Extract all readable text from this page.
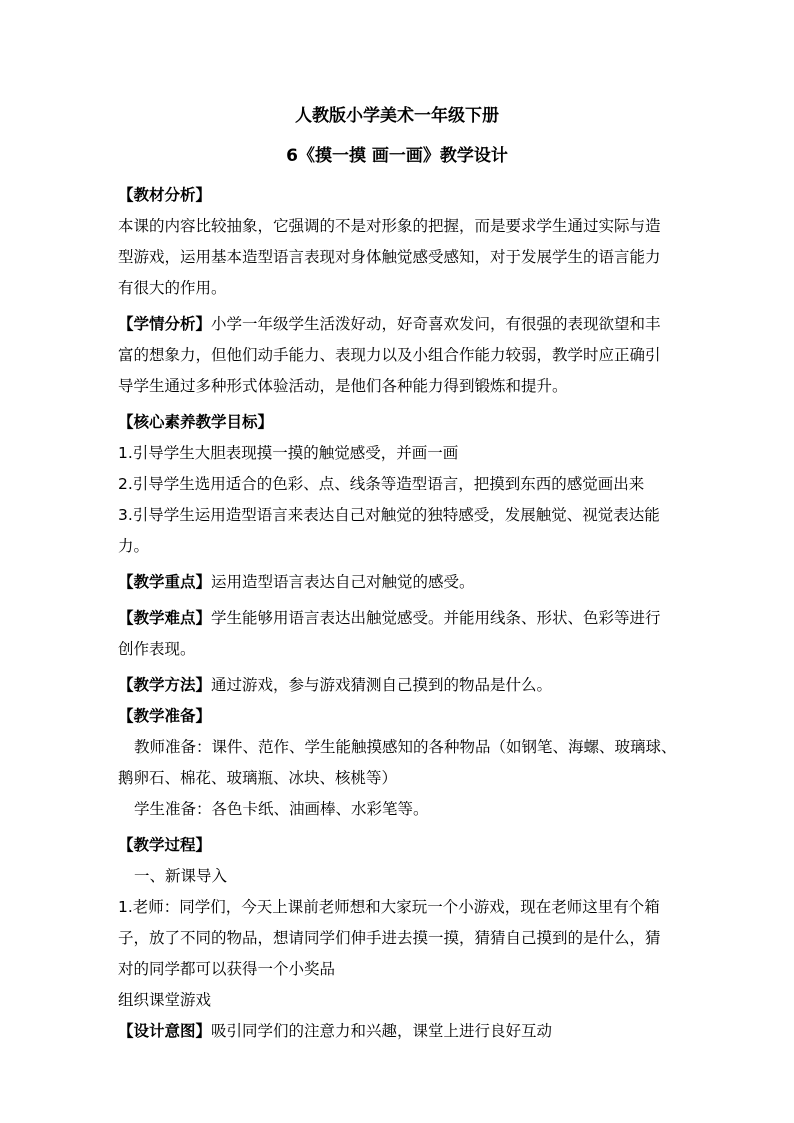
人教版小学美术一年级下册
6《摸一摸 画一画》教学设计
【教材分析】
本课的内容比较抽象，它强调的不是对形象的把握，而是要求学生通过实际与造
型游戏，运用基本造型语言表现对身体触觉感受感知，对于发展学生的语言能力
有很大的作用。
【学情分析】小学一年级学生活泼好动，好奇喜欢发问，有很强的表现欲望和丰
富的想象力，但他们动手能力、表现力以及小组合作能力较弱，教学时应正确引
导学生通过多种形式体验活动，是他们各种能力得到锻炼和提升。
【核心素养教学目标】
1.引导学生大胆表现摸一摸的触觉感受，并画一画
2.引导学生选用适合的色彩、点、线条等造型语言，把摸到东西的感觉画出来
3.引导学生运用造型语言来表达自己对触觉的独特感受，发展触觉、视觉表达能
力。
【教学重点】运用造型语言表达自己对触觉的感受。
【教学难点】学生能够用语言表达出触觉感受。并能用线条、形状、色彩等进行
创作表现。
【教学方法】通过游戏，参与游戏猜测自己摸到的物品是什么。
【教学准备】
教师准备：课件、范作、学生能触摸感知的各种物品（如钢笔、海螺、玻璃球、
鹅卵石、棉花、玻璃瓶、冰块、核桃等）
学生准备：各色卡纸、油画棒、水彩笔等。
【教学过程】
一、新课导入
1.老师：同学们，今天上课前老师想和大家玩一个小游戏，现在老师这里有个箱
子，放了不同的物品，想请同学们伸手进去摸一摸，猜猜自己摸到的是什么，猜
对的同学都可以获得一个小奖品
组织课堂游戏
【设计意图】吸引同学们的注意力和兴趣，课堂上进行良好互动
